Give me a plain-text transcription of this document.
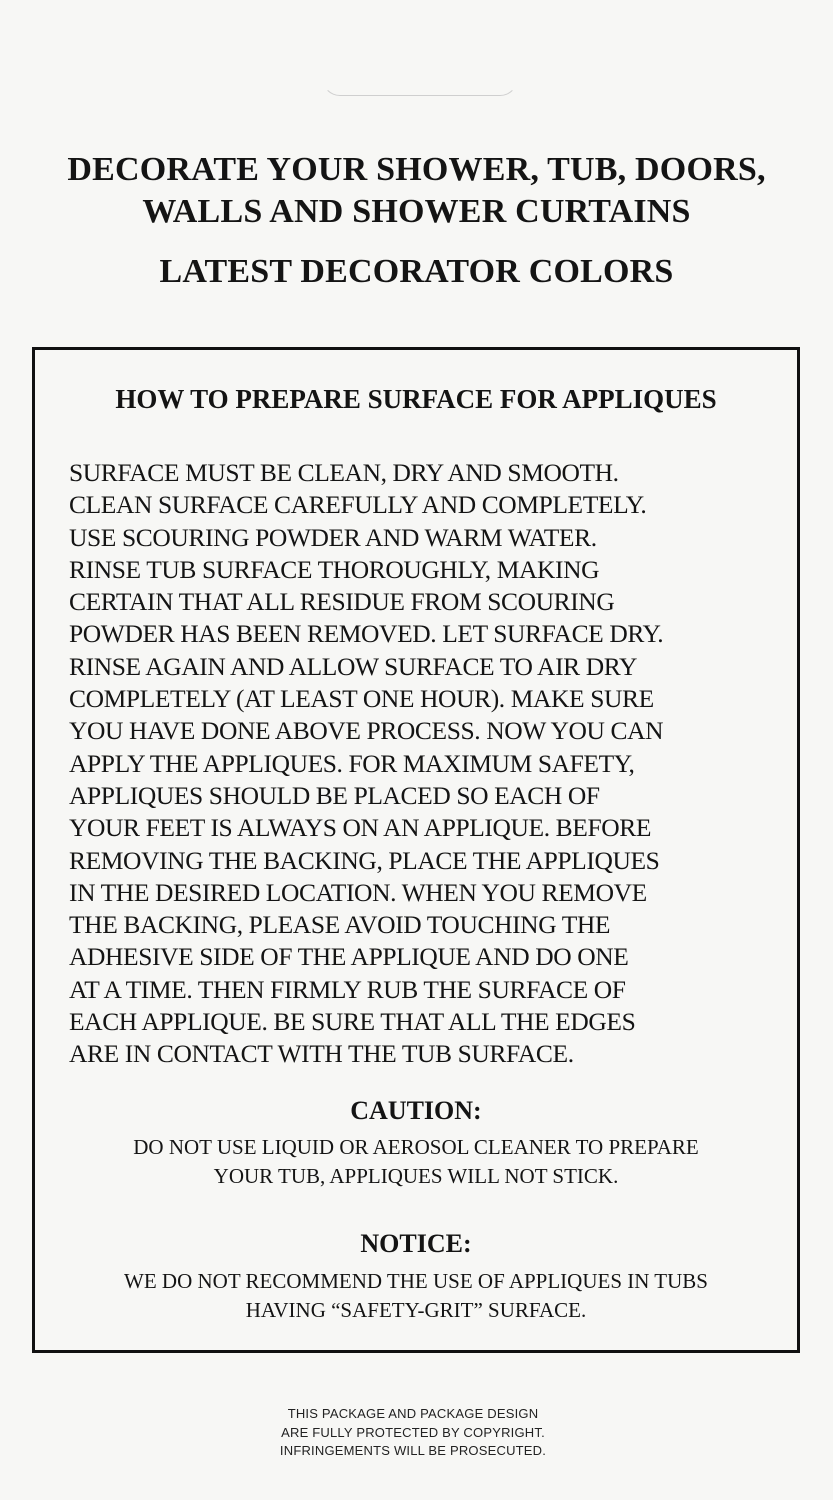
DECORATE YOUR SHOWER, TUB, DOORS,
WALLS AND SHOWER CURTAINS
LATEST DECORATOR COLORS
HOW TO PREPARE SURFACE FOR APPLIQUES
SURFACE MUST BE CLEAN, DRY AND SMOOTH.
CLEAN SURFACE CAREFULLY AND COMPLETELY.
USE SCOURING POWDER AND WARM WATER.
RINSE TUB SURFACE THOROUGHLY, MAKING
CERTAIN THAT ALL RESIDUE FROM SCOURING
POWDER HAS BEEN REMOVED. LET SURFACE DRY.
RINSE AGAIN AND ALLOW SURFACE TO AIR DRY
COMPLETELY (AT LEAST ONE HOUR). MAKE SURE
YOU HAVE DONE ABOVE PROCESS. NOW YOU CAN
APPLY THE APPLIQUES. FOR MAXIMUM SAFETY,
APPLIQUES SHOULD BE PLACED SO EACH OF
YOUR FEET IS ALWAYS ON AN APPLIQUE. BEFORE
REMOVING THE BACKING, PLACE THE APPLIQUES
IN THE DESIRED LOCATION. WHEN YOU REMOVE
THE BACKING, PLEASE AVOID TOUCHING THE
ADHESIVE SIDE OF THE APPLIQUE AND DO ONE
AT A TIME. THEN FIRMLY RUB THE SURFACE OF
EACH APPLIQUE. BE SURE THAT ALL THE EDGES
ARE IN CONTACT WITH THE TUB SURFACE.
CAUTION:
DO NOT USE LIQUID OR AEROSOL CLEANER TO PREPARE
YOUR TUB, APPLIQUES WILL NOT STICK.
NOTICE:
WE DO NOT RECOMMEND THE USE OF APPLIQUES IN TUBS
HAVING “SAFETY-GRIT” SURFACE.
THIS PACKAGE AND PACKAGE DESIGN
ARE FULLY PROTECTED BY COPYRIGHT.
INFRINGEMENTS WILL BE PROSECUTED.
